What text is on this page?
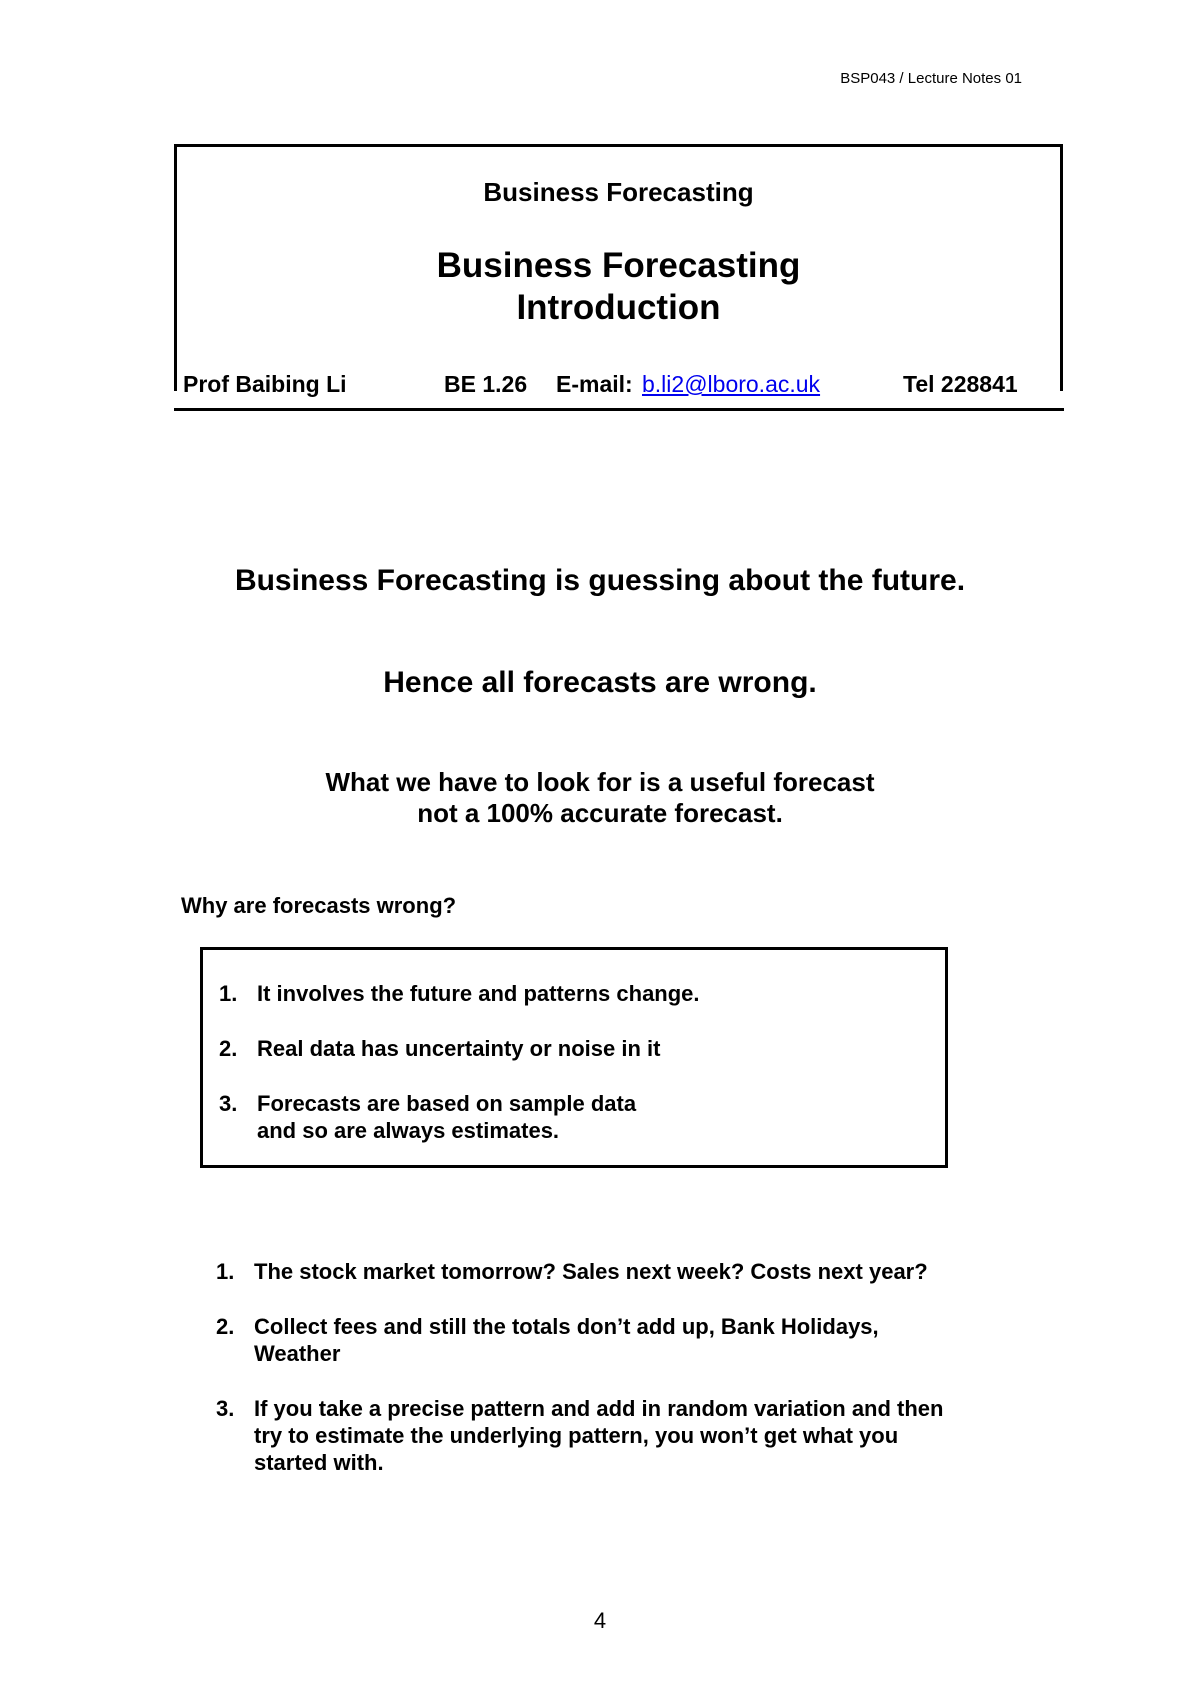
BSP043 / Lecture Notes 01
Business Forecasting
Business Forecasting
Introduction
Prof Baibing Li	BE 1.26 E-mail: b.li2@lboro.ac.uk	Tel 228841
Business Forecasting is guessing about the future.
Hence all forecasts are wrong.
What we have to look for is a useful forecast
not a 100% accurate forecast.
Why are forecasts wrong?
1. It involves the future and patterns change.
2. Real data has uncertainty or noise in it
3. Forecasts are based on sample data
and so are always estimates.
1. The stock market tomorrow? Sales next week? Costs next year?
2. Collect fees and still the totals don’t add up, Bank Holidays,
Weather
3. If you take a precise pattern and add in random variation and then
try to estimate the underlying pattern, you won’t get what you
started with.
4
